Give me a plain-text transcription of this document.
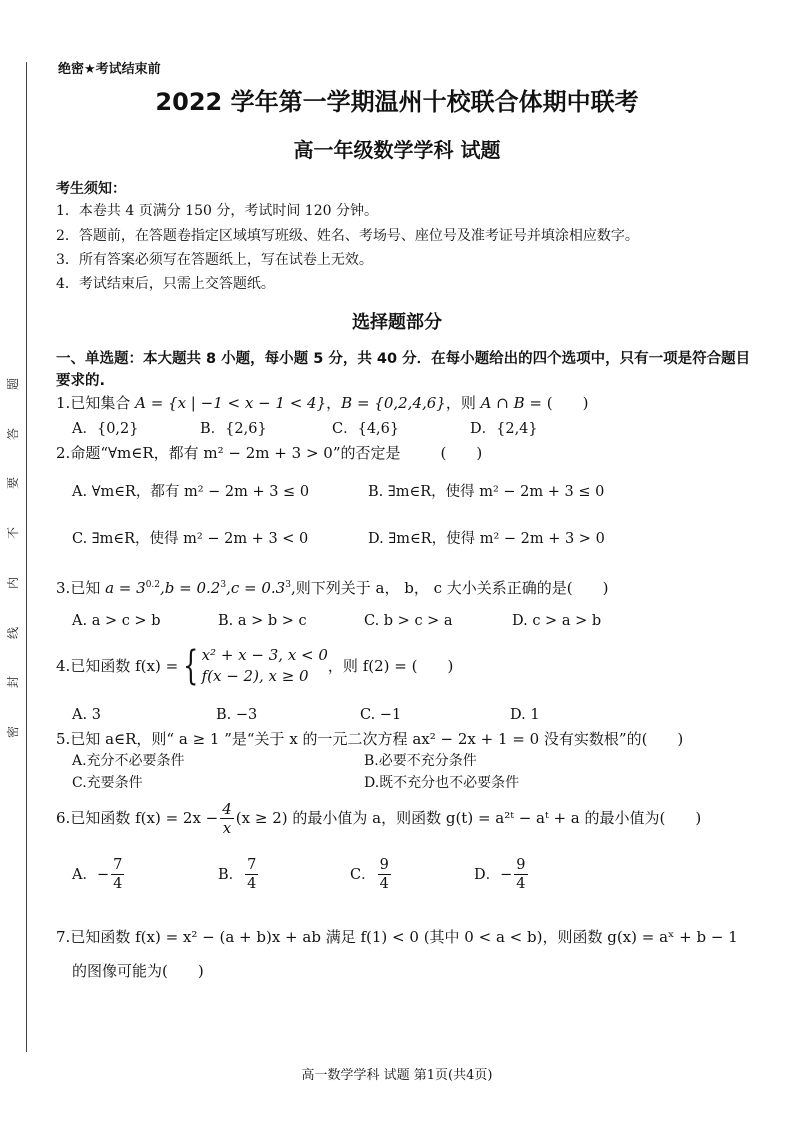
题
答
要
不
内
线
封
密
绝密★考试结束前
2022 学年第一学期温州十校联合体期中联考
高一年级数学学科 试题
考生须知：
1．本卷共 4 页满分 150 分，考试时间 120 分钟。
2．答题前，在答题卷指定区域填写班级、姓名、考场号、座位号及准考证号并填涂相应数字。
3．所有答案必须写在答题纸上，写在试卷上无效。
4．考试结束后，只需上交答题纸。
选择题部分
一、单选题：本大题共 8 小题，每小题 5 分，共 40 分．在每小题给出的四个选项中，只有一项是符合题目要求的.
1.已知集合 A = {x | −1 < x − 1 < 4}，B = {0,2,4,6}，则 A ∩ B = (　　)
A．{0,2}	B．{2,6}	C．{4,6}	D．{2,4}
2.命题“∀m∈R，都有 m² − 2m + 3 > 0”的否定是	(　　)
A. ∀m∈R，都有 m² − 2m + 3 ≤ 0	B. ∃m∈R，使得 m² − 2m + 3 ≤ 0
C. ∃m∈R，使得 m² − 2m + 3 < 0	D. ∃m∈R，使得 m² − 2m + 3 > 0
3.已知 $a = 3^{0.2},b = 0.2^3,c = 0.3^3$,则下列关于 a， b， c 大小关系正确的是(　　)
A. a > c > b	B. a > b > c	C. b > c > a	D. c > a > b
4. 已知函数 f(x) = { x² + x − 3, x < 0
f(x − 2), x ≥ 0
，则 f(2) = (　　)
A. 3	B. −3	C. −1	D. 1
5.已知 a∈R，则“ a ≥ 1 ”是“关于 x 的一元二次方程 ax² − 2x + 1 = 0 没有实数根”的(　　)
A.充分不必要条件	B.必要不充分条件
C.充要条件	D.既不充分也不必要条件
6. 已知函数 $f(x) = 2x - \frac{4}{x} (x \ge 2)$ 的最小值为 a，则函数 g(t) = a²ᵗ − aᵗ + a 的最小值为(　　)
A． − $\frac{7}{4}$	B． $\frac{7}{4}$	C． $\frac{9}{4}$	D． − $\frac{9}{4}$
7.已知函数 f(x) = x² − (a + b)x + ab 满足 f(1) < 0 (其中 0 < a < b)，则函数 g(x) = aˣ + b − 1
的图像可能为(　　)
高一数学学科 试题 第1页(共4页)
